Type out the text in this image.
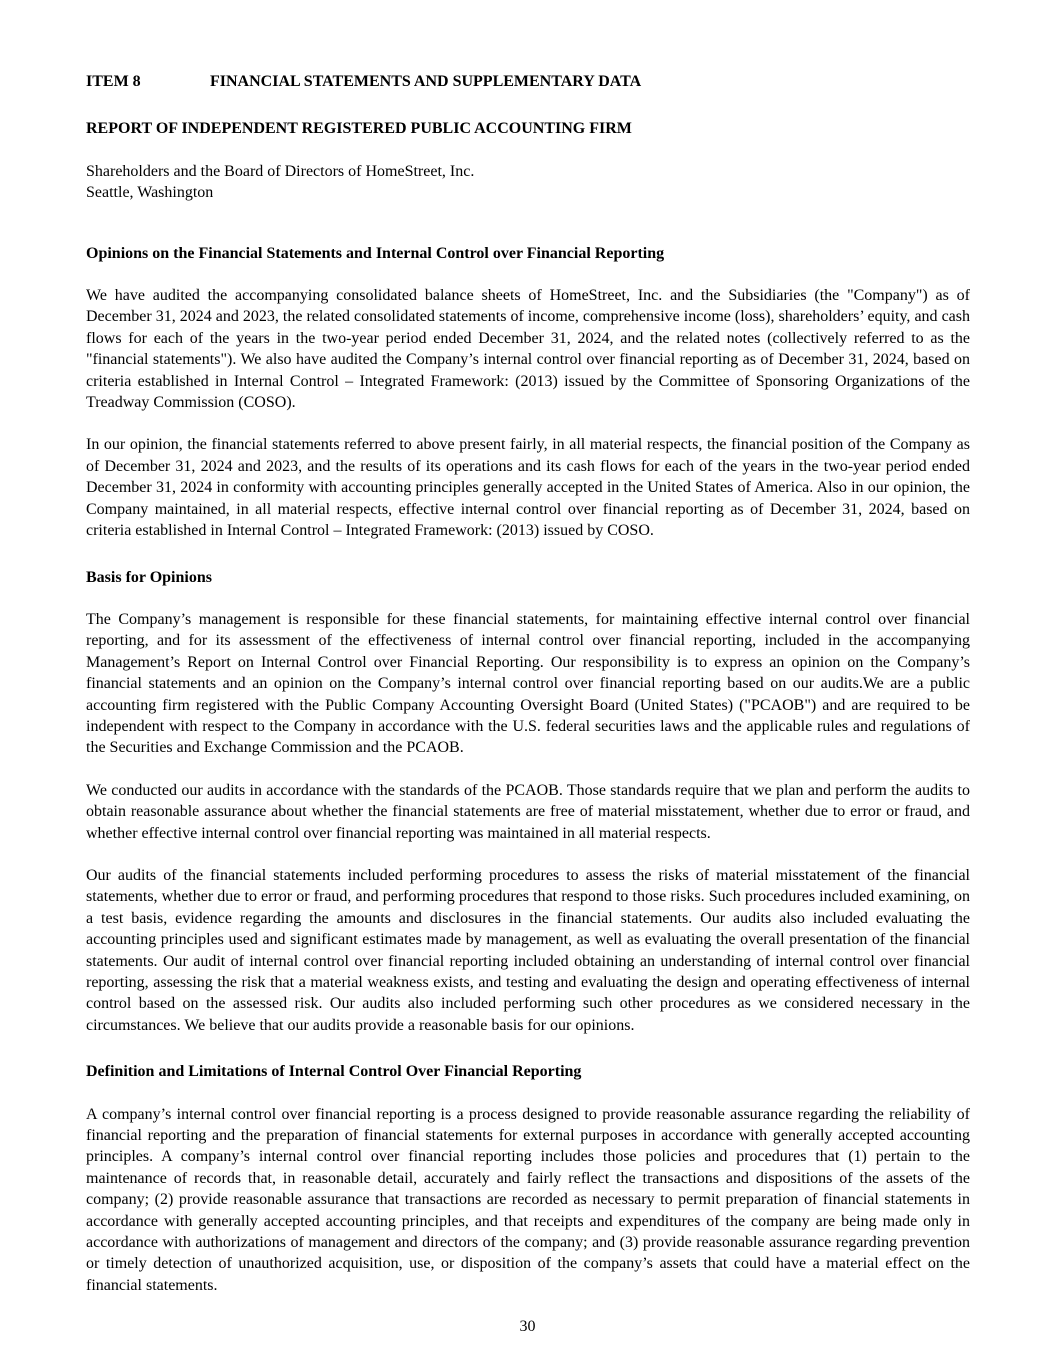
ITEM 8	FINANCIAL STATEMENTS AND SUPPLEMENTARY DATA
REPORT OF INDEPENDENT REGISTERED PUBLIC ACCOUNTING FIRM
Shareholders and the Board of Directors of HomeStreet, Inc.
Seattle, Washington
Opinions on the Financial Statements and Internal Control over Financial Reporting
We have audited the accompanying consolidated balance sheets of HomeStreet, Inc. and the Subsidiaries (the "Company") as of December 31, 2024 and 2023, the related consolidated statements of income, comprehensive income (loss), shareholders’ equity, and cash flows for each of the years in the two-year period ended December 31, 2024, and the related notes (collectively referred to as the "financial statements"). We also have audited the Company’s internal control over financial reporting as of December 31, 2024, based on criteria established in Internal Control – Integrated Framework: (2013) issued by the Committee of Sponsoring Organizations of the Treadway Commission (COSO).
In our opinion, the financial statements referred to above present fairly, in all material respects, the financial position of the Company as of December 31, 2024 and 2023, and the results of its operations and its cash flows for each of the years in the two-year period ended December 31, 2024 in conformity with accounting principles generally accepted in the United States of America. Also in our opinion, the Company maintained, in all material respects, effective internal control over financial reporting as of December 31, 2024, based on criteria established in Internal Control – Integrated Framework: (2013) issued by COSO.
Basis for Opinions
The Company’s management is responsible for these financial statements, for maintaining effective internal control over financial reporting, and for its assessment of the effectiveness of internal control over financial reporting, included in the accompanying Management’s Report on Internal Control over Financial Reporting. Our responsibility is to express an opinion on the Company’s financial statements and an opinion on the Company’s internal control over financial reporting based on our audits.We are a public accounting firm registered with the Public Company Accounting Oversight Board (United States) ("PCAOB") and are required to be independent with respect to the Company in accordance with the U.S. federal securities laws and the applicable rules and regulations of the Securities and Exchange Commission and the PCAOB.
We conducted our audits in accordance with the standards of the PCAOB. Those standards require that we plan and perform the audits to obtain reasonable assurance about whether the financial statements are free of material misstatement, whether due to error or fraud, and whether effective internal control over financial reporting was maintained in all material respects.
Our audits of the financial statements included performing procedures to assess the risks of material misstatement of the financial statements, whether due to error or fraud, and performing procedures that respond to those risks. Such procedures included examining, on a test basis, evidence regarding the amounts and disclosures in the financial statements. Our audits also included evaluating the accounting principles used and significant estimates made by management, as well as evaluating the overall presentation of the financial statements. Our audit of internal control over financial reporting included obtaining an understanding of internal control over financial reporting, assessing the risk that a material weakness exists, and testing and evaluating the design and operating effectiveness of internal control based on the assessed risk. Our audits also included performing such other procedures as we considered necessary in the circumstances. We believe that our audits provide a reasonable basis for our opinions.
Definition and Limitations of Internal Control Over Financial Reporting
A company’s internal control over financial reporting is a process designed to provide reasonable assurance regarding the reliability of financial reporting and the preparation of financial statements for external purposes in accordance with generally accepted accounting principles. A company’s internal control over financial reporting includes those policies and procedures that (1) pertain to the maintenance of records that, in reasonable detail, accurately and fairly reflect the transactions and dispositions of the assets of the company; (2) provide reasonable assurance that transactions are recorded as necessary to permit preparation of financial statements in accordance with generally accepted accounting principles, and that receipts and expenditures of the company are being made only in accordance with authorizations of management and directors of the company; and (3) provide reasonable assurance regarding prevention or timely detection of unauthorized acquisition, use, or disposition of the company’s assets that could have a material effect on the financial statements.
30
